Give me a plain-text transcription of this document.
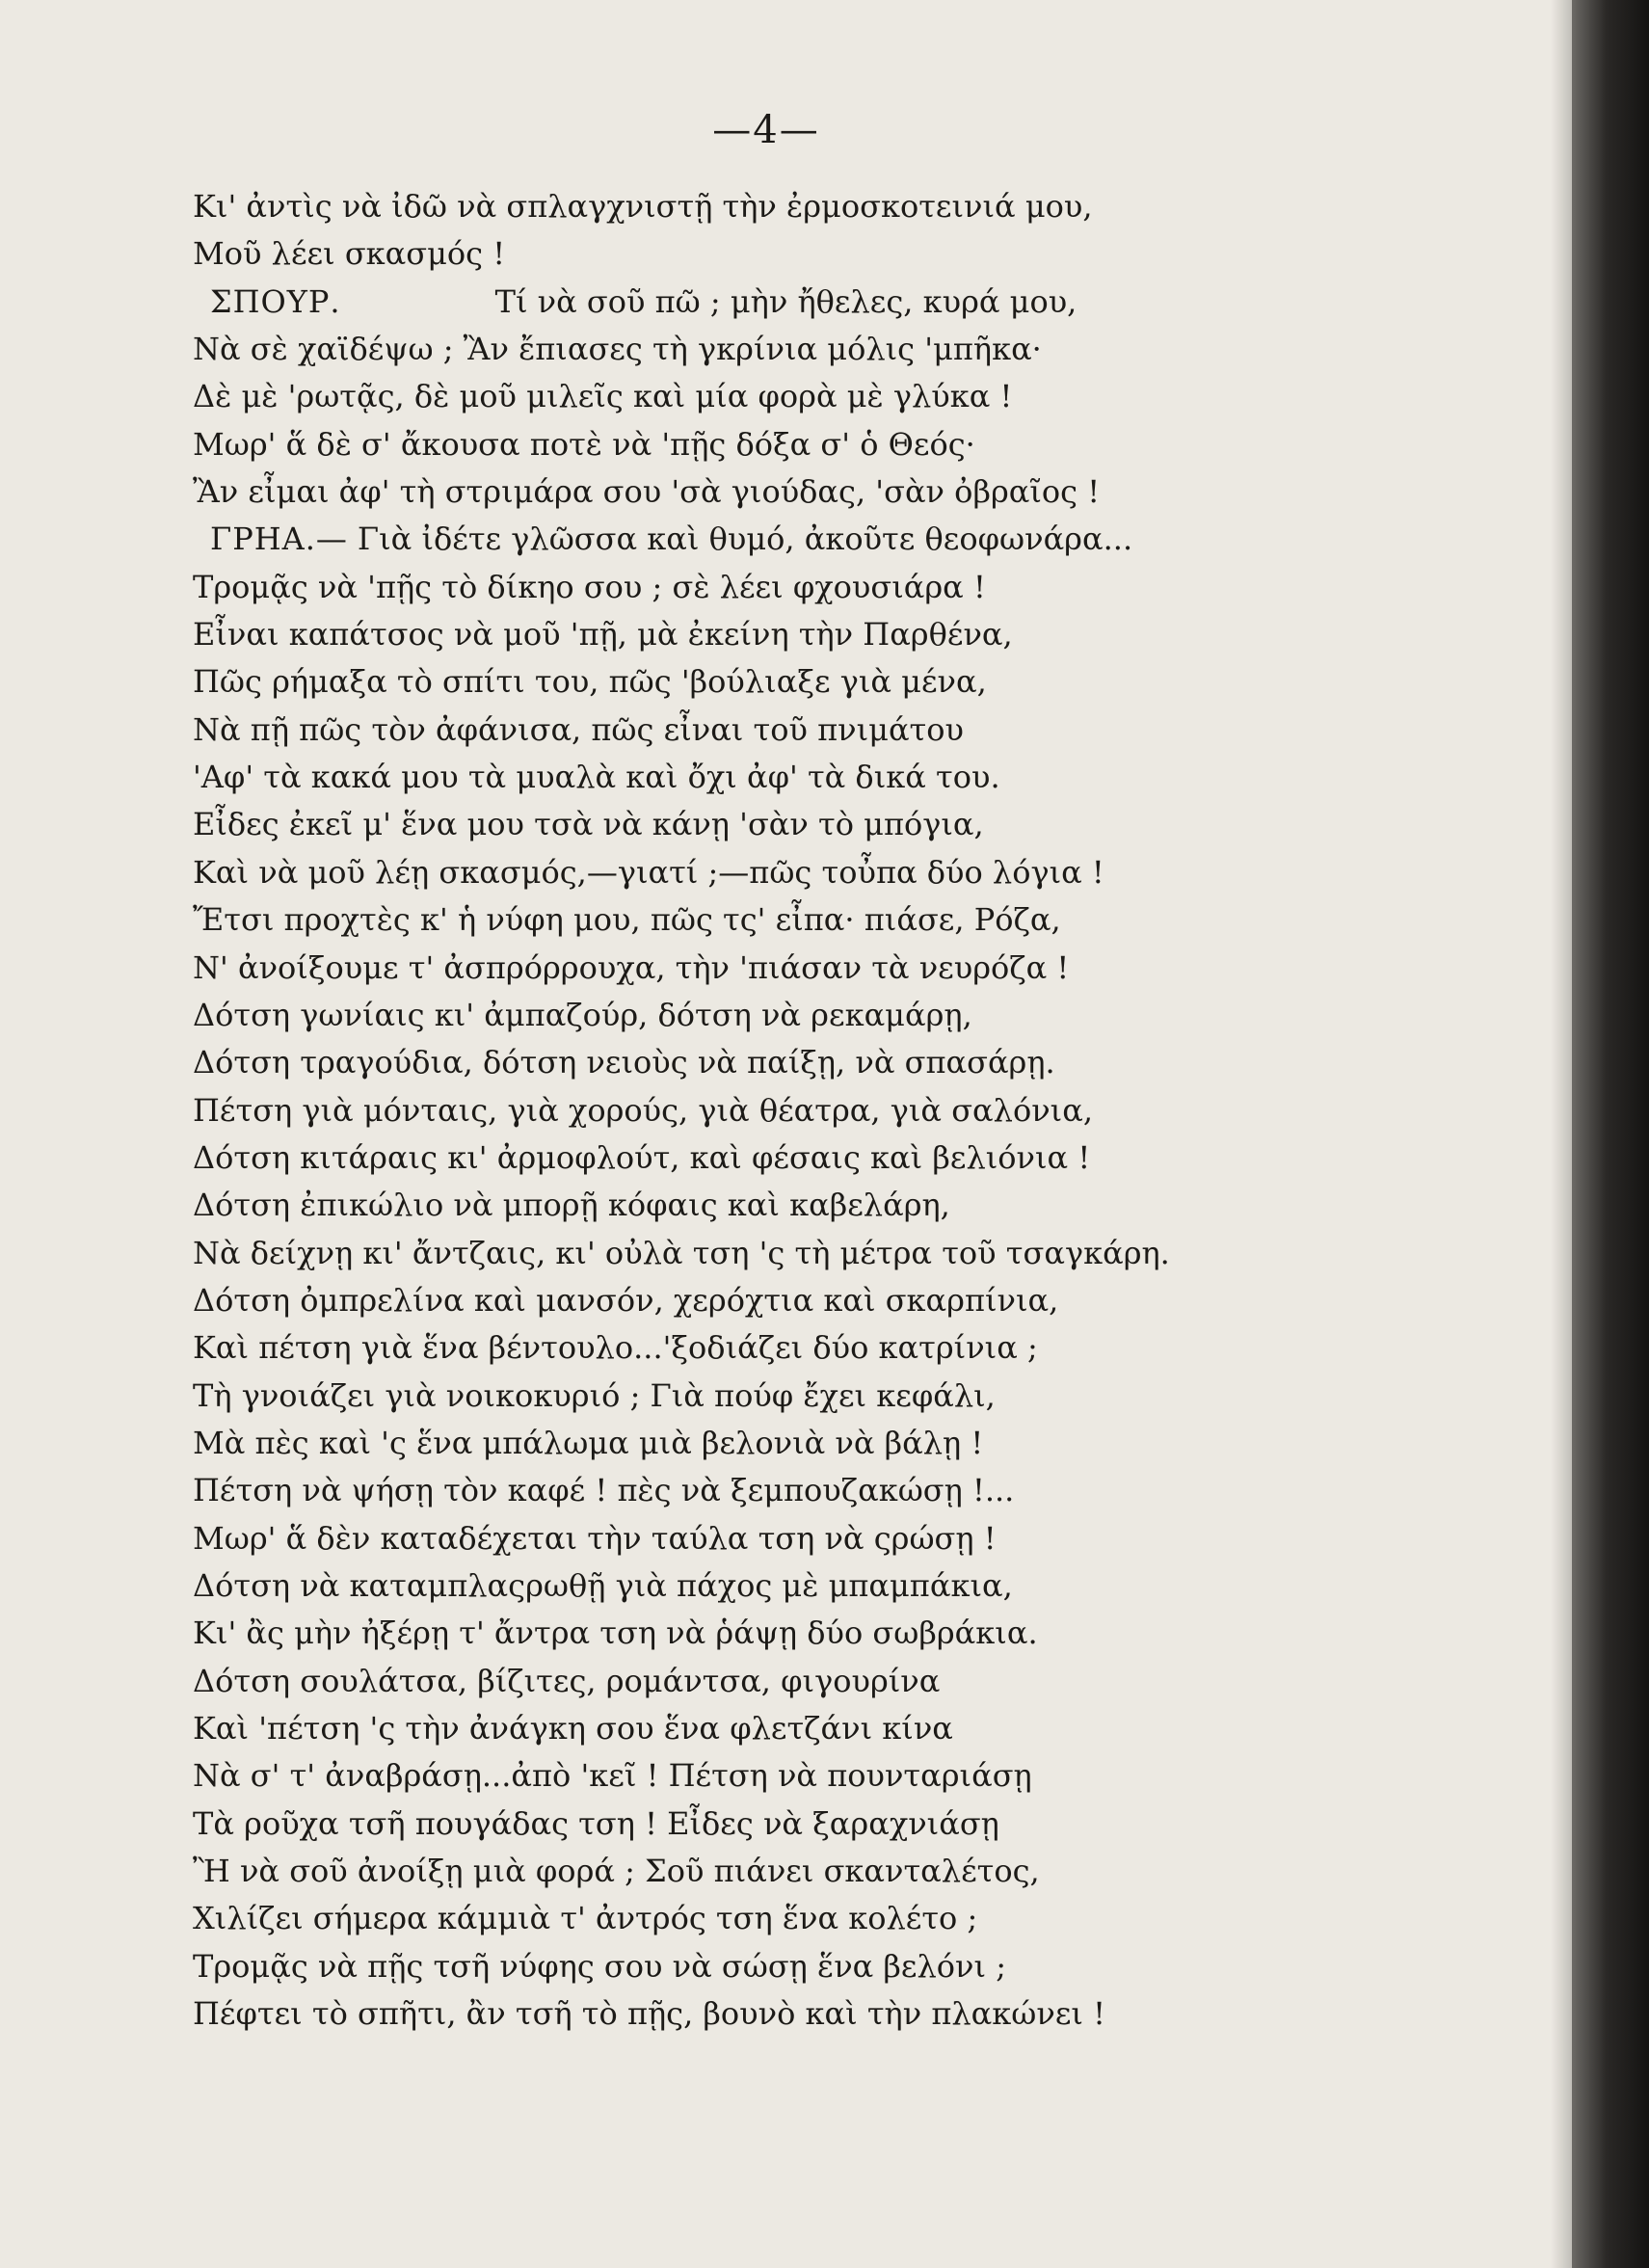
—4—
Κι' ἀντὶς νὰ ἰδῶ νὰ σπλαγχνιστῇ τὴν ἐρμοσκοτεινιά μου,
Μοῦ λέει σκασμός !
ΣΠΟΥΡ.	Τί νὰ σοῦ πῶ ; μὴν ἤθελες, κυρά μου,
Νὰ σὲ χαϊδέψω ; Ἂν ἔπιασες τὴ γκρίνια μόλις 'μπῆκα·
Δὲ μὲ 'ρωτᾷς, δὲ μοῦ μιλεῖς καὶ μία φορὰ μὲ γλύκα !
Μωρ' ἅ δὲ σ' ἄκουσα ποτὲ νὰ 'πῇς δόξα σ' ὁ Θεός·
Ἂν εἶμαι ἀφ' τὴ στριμάρα σου 'σὰ γιούδας, 'σὰν ὀβραῖος !
ΓΡΗΑ.— Γιὰ ἰδέτε γλῶσσα καὶ θυμό, ἀκοῦτε θεοφωνάρα...
Τρομᾷς νὰ 'πῇς τὸ δίκηο σου ; σὲ λέει φχουσιάρα !
Εἶναι καπάτσος νὰ μοῦ 'πῇ, μὰ ἐκείνη τὴν Παρθένα,
Πῶς ρήμαξα τὸ σπίτι του, πῶς 'βούλιαξε γιὰ μένα,
Νὰ πῇ πῶς τὸν ἀφάνισα, πῶς εἶναι τοῦ πνιμάτου
'Αφ' τὰ κακά μου τὰ μυαλὰ καὶ ὄχι ἀφ' τὰ δικά του.
Εἶδες ἐκεῖ μ' ἕνα μου τσὰ νὰ κάνῃ 'σὰν τὸ μπόγια,
Καὶ νὰ μοῦ λέῃ σκασμός,—γιατί ;—πῶς τοὖπα δύο λόγια !
Ἔτσι προχτὲς κ' ἡ νύφη μου, πῶς τς' εἶπα· πιάσε, Ρόζα,
Ν' ἀνοίξουμε τ' ἀσπρόρρουχα, τὴν 'πιάσαν τὰ νευρόζα !
Δότση γωνίαις κι' ἀμπαζούρ, δότση νὰ ρεκαμάρῃ,
Δότση τραγούδια, δότση νειοὺς νὰ παίξῃ, νὰ σπασάρῃ.
Πέτση γιὰ μόνταις, γιὰ χορούς, γιὰ θέατρα, γιὰ σαλόνια,
Δότση κιτάραις κι' ἀρμοφλούτ, καὶ φέσαις καὶ βελιόνια !
Δότση ἐπικώλιο νὰ μπορῇ κόφαις καὶ καβελάρη,
Νὰ δείχνῃ κι' ἄντζαις, κι' οὐλὰ τση 'ς τὴ μέτρα τοῦ τσαγκάρη.
Δότση ὀμπρελίνα καὶ μανσόν, χερόχτια καὶ σκαρπίνια,
Καὶ πέτση γιὰ ἕνα βέντουλο...'ξοδιάζει δύο κατρίνια ;
Τὴ γνοιάζει γιὰ νοικοκυριό ; Γιὰ πούφ ἔχει κεφάλι,
Μὰ πὲς καὶ 'ς ἕνα μπάλωμα μιὰ βελονιὰ νὰ βάλῃ !
Πέτση νὰ ψήσῃ τὸν καφέ ! πὲς νὰ ξεμπουζακώσῃ !...
Μωρ' ἅ δὲν καταδέχεται τὴν ταύλα τση νὰ ςρώσῃ !
Δότση νὰ καταμπλαςρωθῇ γιὰ πάχος μὲ μπαμπάκια,
Κι' ἂς μὴν ἠξέρῃ τ' ἄντρα τση νὰ ῥάψῃ δύο σωβράκια.
Δότση σουλάτσα, βίζιτες, ρομάντσα, φιγουρίνα
Καὶ 'πέτση 'ς τὴν ἀνάγκη σου ἕνα φλετζάνι κίνα
Νὰ σ' τ' ἀναβράσῃ...ἀπὸ 'κεῖ ! Πέτση νὰ πουνταριάσῃ
Τὰ ροῦχα τσῆ πουγάδας τση ! Εἶδες νὰ ξαραχνιάσῃ
Ἢ νὰ σοῦ ἀνοίξῃ μιὰ φορά ; Σοῦ πιάνει σκανταλέτος,
Χιλίζει σήμερα κάμμιὰ τ' ἀντρός τση ἕνα κολέτο ;
Τρομᾷς νὰ πῇς τσῆ νύφης σου νὰ σώσῃ ἕνα βελόνι ;
Πέφτει τὸ σπῆτι, ἂν τσῆ τὸ πῇς, βουνὸ καὶ τὴν πλακώνει !
